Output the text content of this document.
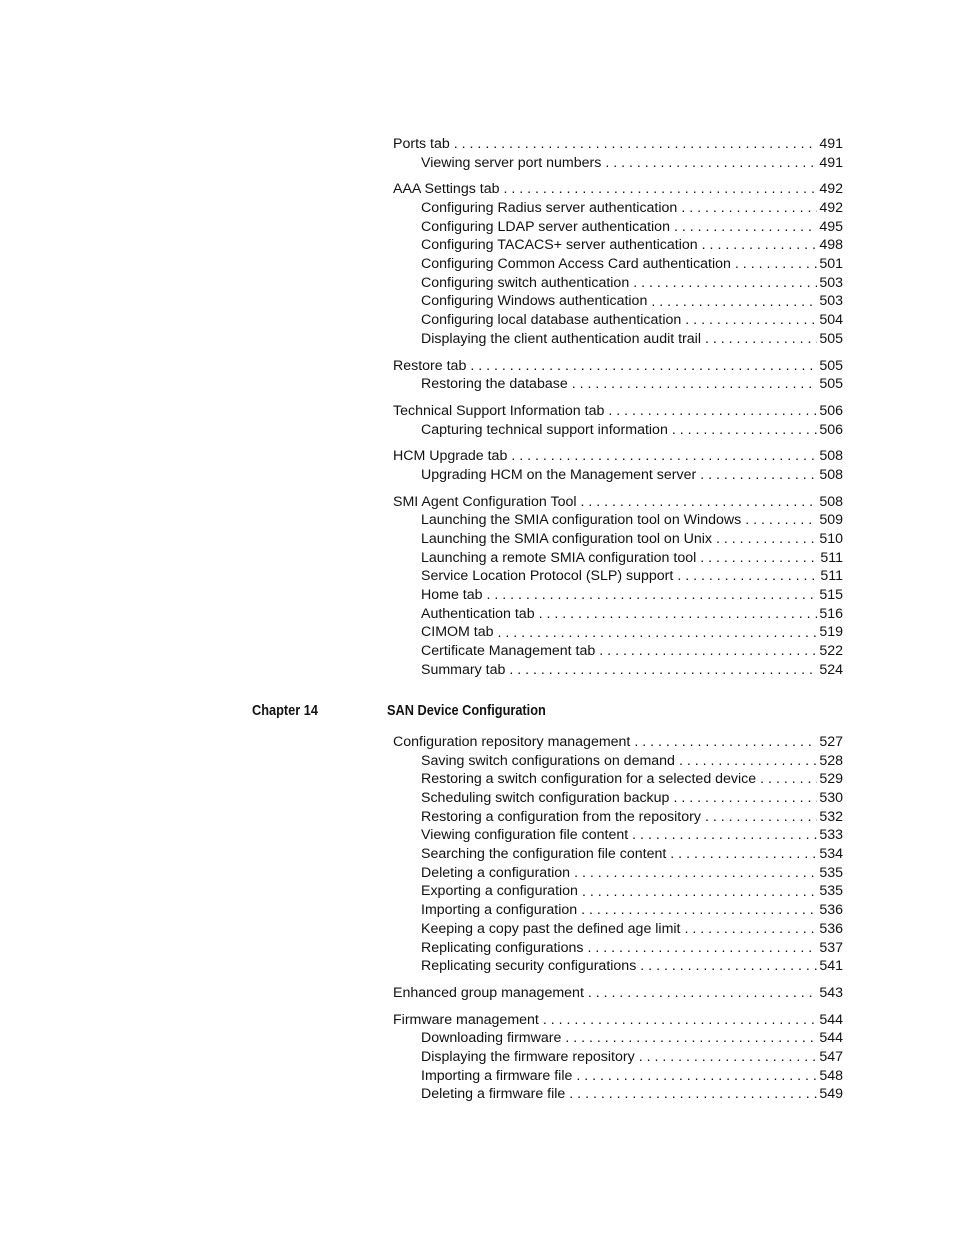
Ports tab . . .	491
Viewing server port numbers . . .	491
AAA Settings tab . . .	492
Configuring Radius server authentication . . .	492
Configuring LDAP server authentication . . .	495
Configuring TACACS+ server authentication . . .	498
Configuring Common Access Card authentication . . .	501
Configuring switch authentication . . .	503
Configuring Windows authentication . . .	503
Configuring local database authentication . . .	504
Displaying the client authentication audit trail . . .	505
Restore tab . . .	505
Restoring the database . . .	505
Technical Support Information tab . . .	506
Capturing technical support information . . .	506
HCM Upgrade tab . . .	508
Upgrading HCM on the Management server . . .	508
SMI Agent Configuration Tool . . .	508
Launching the SMIA configuration tool on Windows . . .	509
Launching the SMIA configuration tool on Unix . . .	510
Launching a remote SMIA configuration tool . . .	511
Service Location Protocol (SLP) support . . .	511
Home tab . . .	515
Authentication tab . . .	516
CIMOM tab . . .	519
Certificate Management tab . . .	522
Summary tab . . .	524
Chapter 14	SAN Device Configuration
Configuration repository management . . .	527
Saving switch configurations on demand . . .	528
Restoring a switch configuration for a selected device . . .	529
Scheduling switch configuration backup . . .	530
Restoring a configuration from the repository . . .	532
Viewing configuration file content . . .	533
Searching the configuration file content . . .	534
Deleting a configuration . . .	535
Exporting a configuration . . .	535
Importing a configuration . . .	536
Keeping a copy past the defined age limit . . .	536
Replicating configurations . . .	537
Replicating security configurations . . .	541
Enhanced group management . . .	543
Firmware management . . .	544
Downloading firmware . . .	544
Displaying the firmware repository . . .	547
Importing a firmware file . . .	548
Deleting a firmware file . . .	549
